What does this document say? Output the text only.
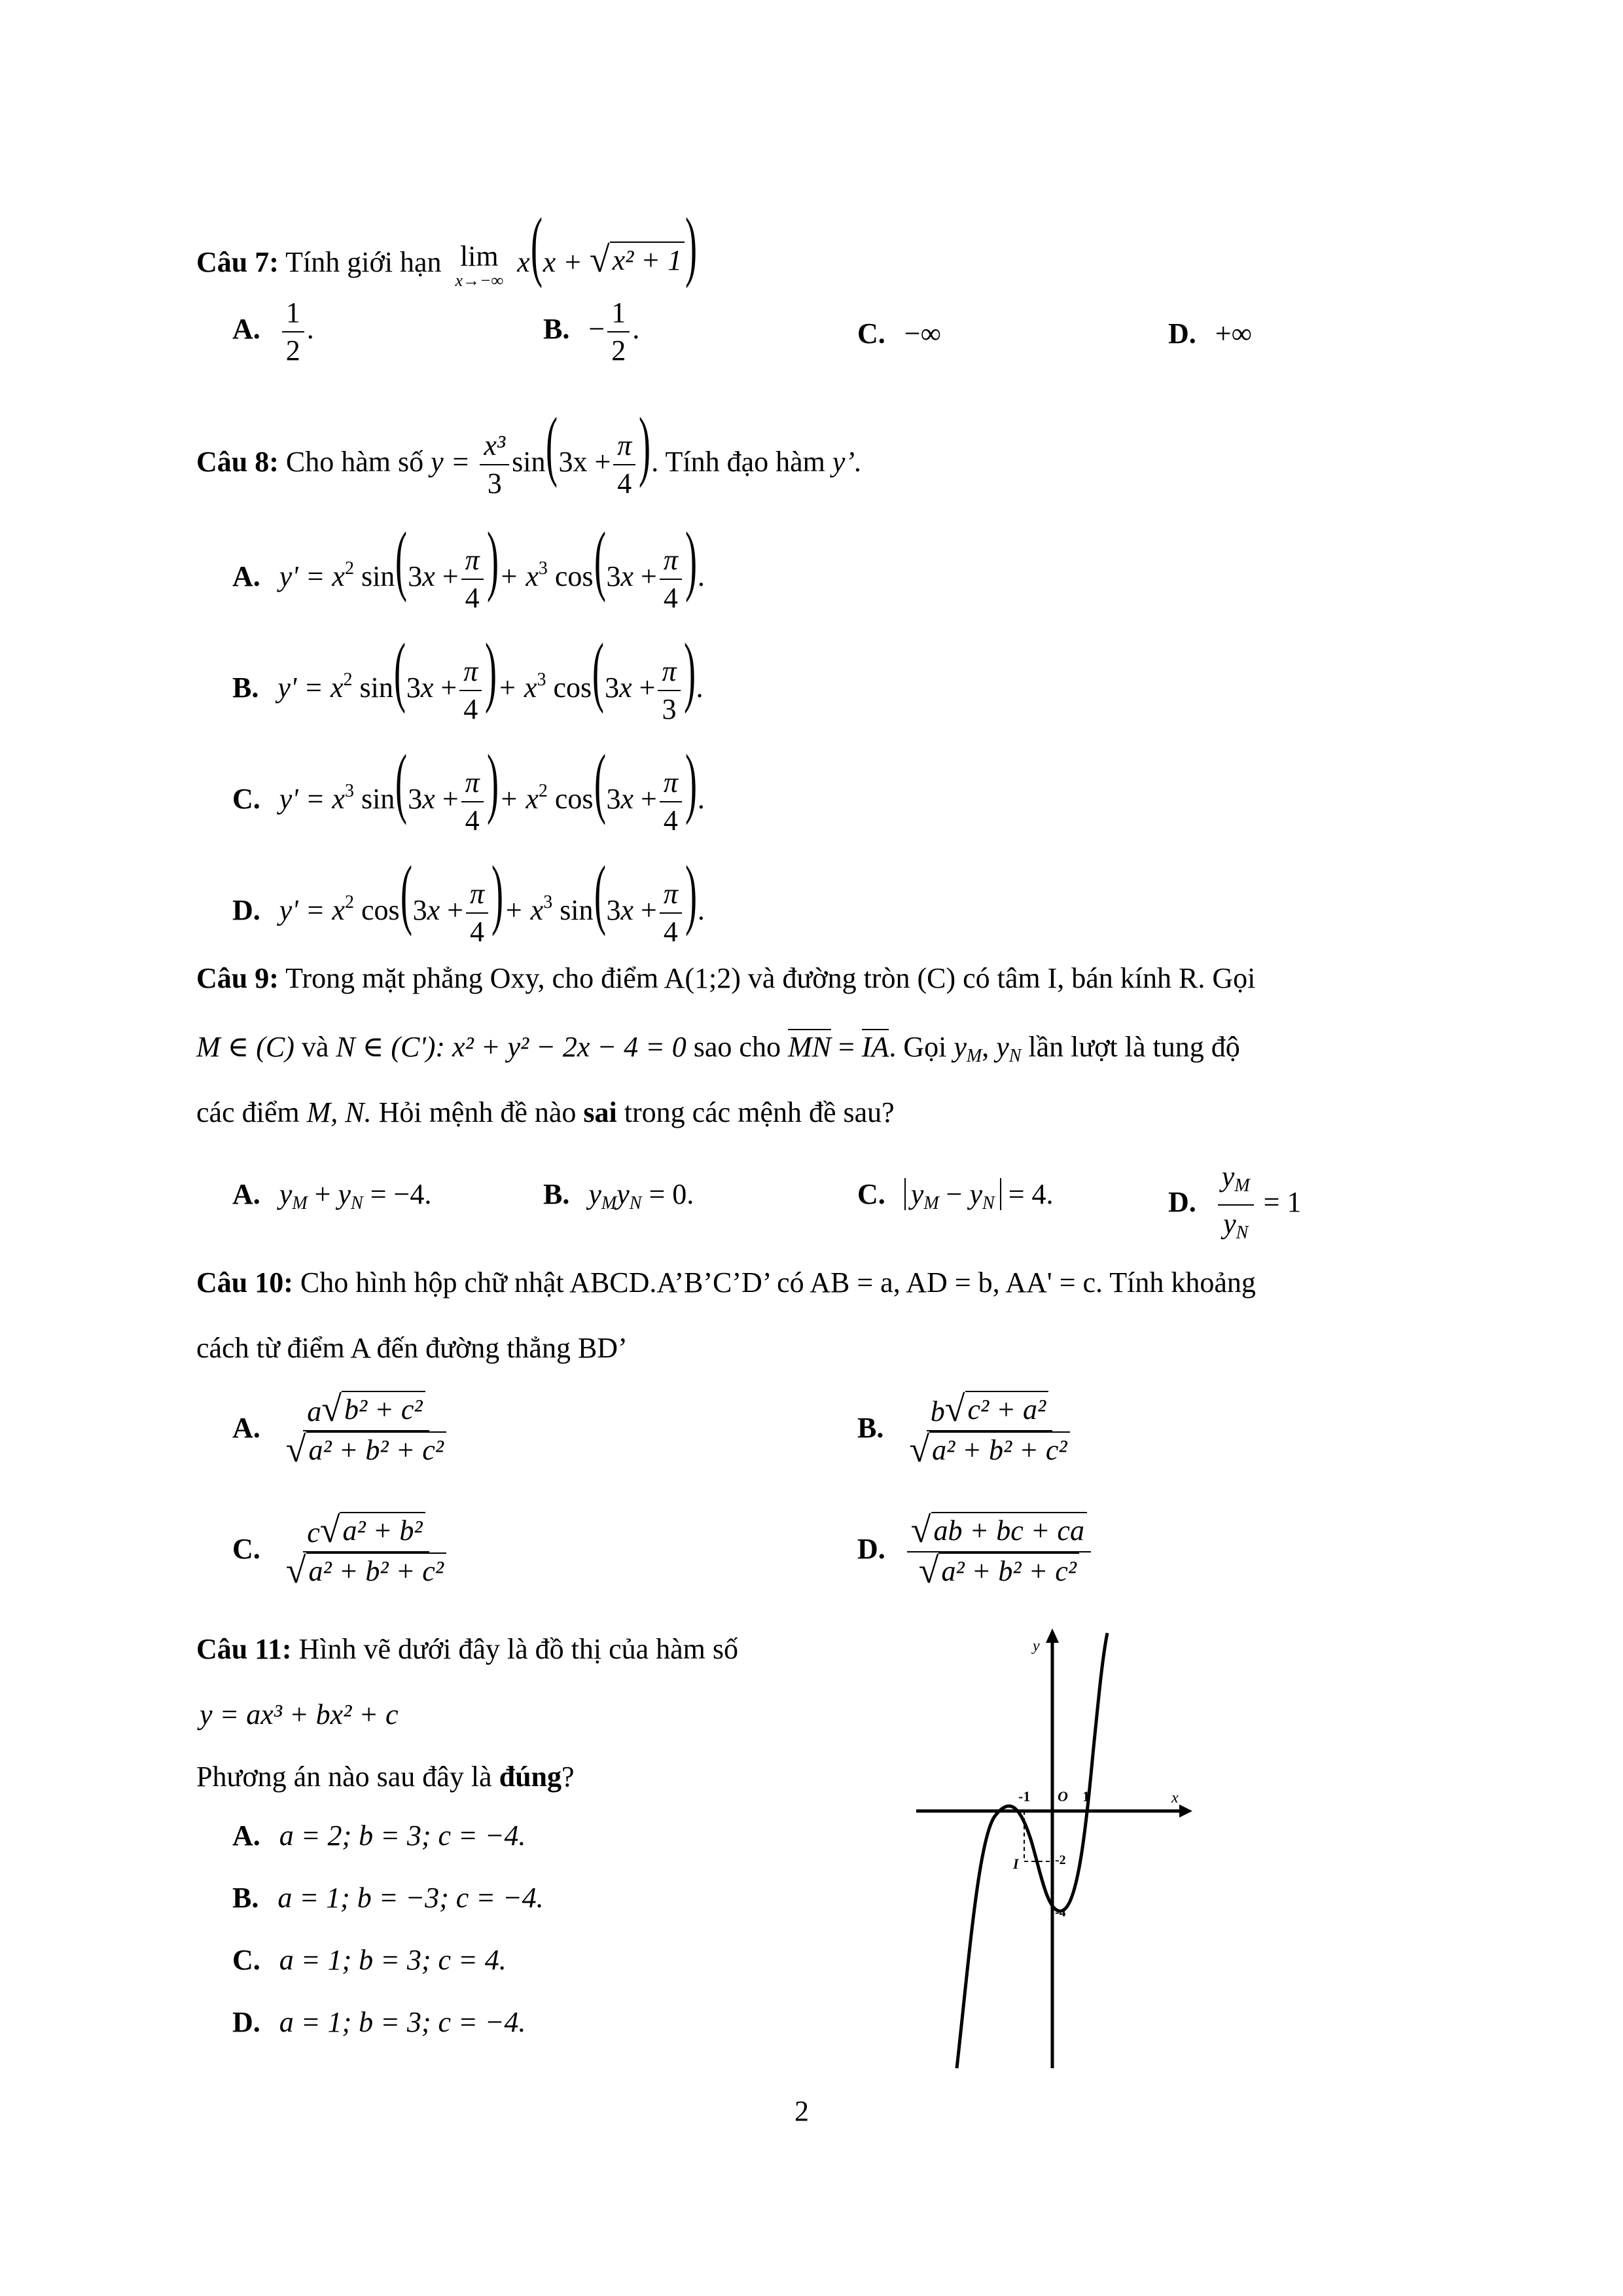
Câu 7: Tính giới hạn lim
x→−∞
x(x + √ x² + 1 )
A. $\frac{1}{2}$ .	B. − $\frac{1}{2}$ .	C. −∞	D. +∞
Câu 8: Cho hàm số $y = \frac{\text{x³}}{3} \sin(3x + \frac{\pi}{4}$ ). Tính đạo hàm y’.
A. $y' = x^2$ $\sin(3x + \frac{\pi}{4}$ )+ $x^3$ $\cos(3x + \frac{\pi}{4}$ ).
B. $y' = x^2$ $\sin(3x + \frac{\pi}{4}$ )+ $x^3$ $\cos(3x + \frac{\pi}{3}$ ).
C. $y' = x^3$ $\sin(3x + \frac{\pi}{4}$ )+ $x^2$ $\cos(3x + \frac{\pi}{4}$ ).
D. $y' = x^2$ $\cos(3x + \frac{\pi}{4}$ )+ $x^3$ $\sin(3x + \frac{\pi}{4}$ ).
Câu 9: Trong mặt phẳng Oxy, cho điểm A(1;2) và đường tròn (C) có tâm I, bán kính R. Gọi
M ∈ (C) và N ∈ (C'): x² + y² − 2x − 4 = 0 sao cho MN = IA. Gọi $y_M$, $y_N$ lần lượt là tung độ
các điểm M, N. Hỏi mệnh đề nào sai trong các mệnh đề sau?
A. $y_M + y_N = -4$.	B. $y_My_N = 0$.	C. $y_M - y_N = 4$.	D. $\frac{y_M}{y_N} = 1$
Câu 10: Cho hình hộp chữ nhật ABCD.A’B’C’D’ có AB = a, AD = b, AA' = c. Tính khoảng
cách từ điểm A đến đường thẳng BD’
A. $\frac{\text{a √ b² + c²}}{\text{√ a² + b² + c²}}$	B. $\frac{\text{b √ c² + a²}}{\text{√ a² + b² + c²}}$
C. $\frac{\text{c √ a² + b²}}{\text{√ a² + b² + c²}}$	D. $\frac{√ ab + bc + ca}{\text{√ a² + b² + c²}}$
Câu 11: Hình vẽ dưới đây là đồ thị của hàm số
y = ax³ + bx² + c
Phương án nào sau đây là đúng?
A. a = 2; b = 3; c = −4.
B. a = 1; b = −3; c = −4.
C. a = 1; b = 3; c = 4.
D. a = 1; b = 3; c = −4.
y
x
-1 O 1
-2
-4
I
2
